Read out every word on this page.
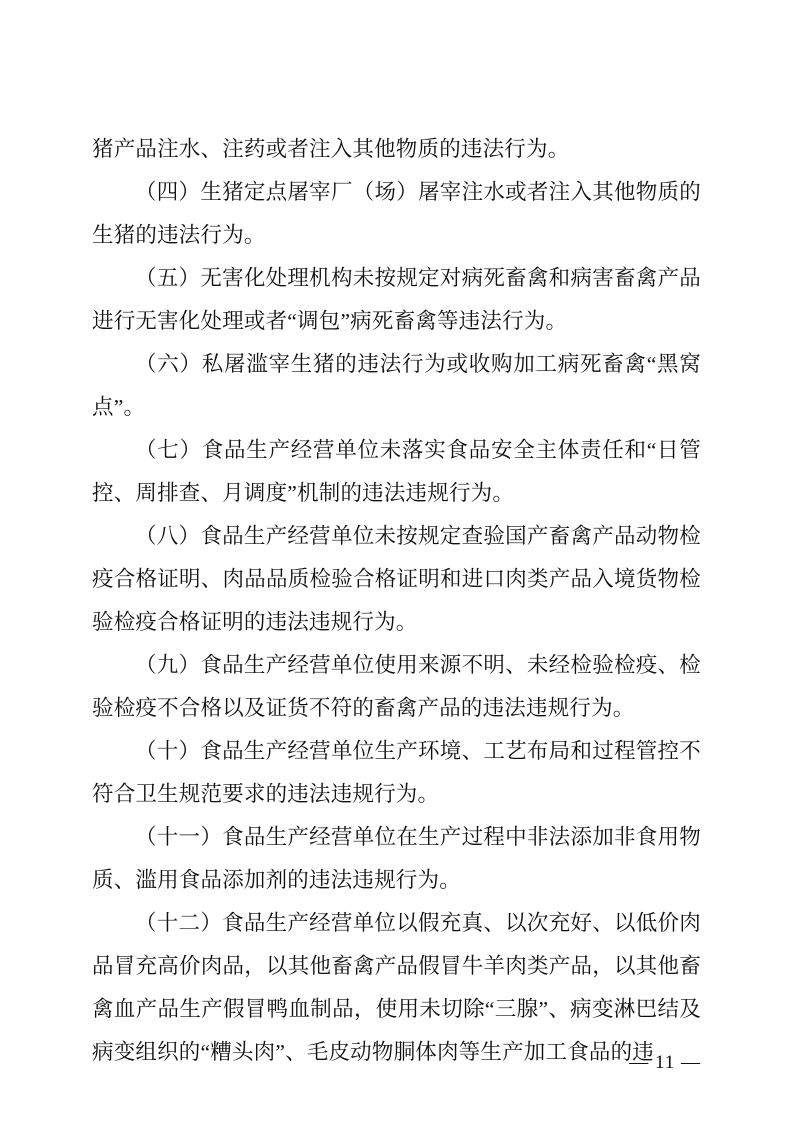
猪产品注水、注药或者注入其他物质的违法行为。

（四）生猪定点屠宰厂（场）屠宰注水或者注入其他物质的生猪的违法行为。

（五）无害化处理机构未按规定对病死畜禽和病害畜禽产品进行无害化处理或者“调包”病死畜禽等违法行为。

（六）私屠滥宰生猪的违法行为或收购加工病死畜禽“黑窝点”。

（七）食品生产经营单位未落实食品安全主体责任和“日管控、周排查、月调度”机制的违法违规行为。

（八）食品生产经营单位未按规定查验国产畜禽产品动物检疫合格证明、肉品品质检验合格证明和进口肉类产品入境货物检验检疫合格证明的违法违规行为。

（九）食品生产经营单位使用来源不明、未经检验检疫、检验检疫不合格以及证货不符的畜禽产品的违法违规行为。

（十）食品生产经营单位生产环境、工艺布局和过程管控不符合卫生规范要求的违法违规行为。

（十一）食品生产经营单位在生产过程中非法添加非食用物质、滥用食品添加剂的违法违规行为。

（十二）食品生产经营单位以假充真、以次充好、以低价肉品冒充高价肉品，以其他畜禽产品假冒牛羊肉类产品，以其他畜禽血产品生产假冒鸭血制品，使用未切除“三腺”、病变淋巴结及病变组织的“糟头肉”、毛皮动物胴体肉等生产加工食品的违

— 11 —
